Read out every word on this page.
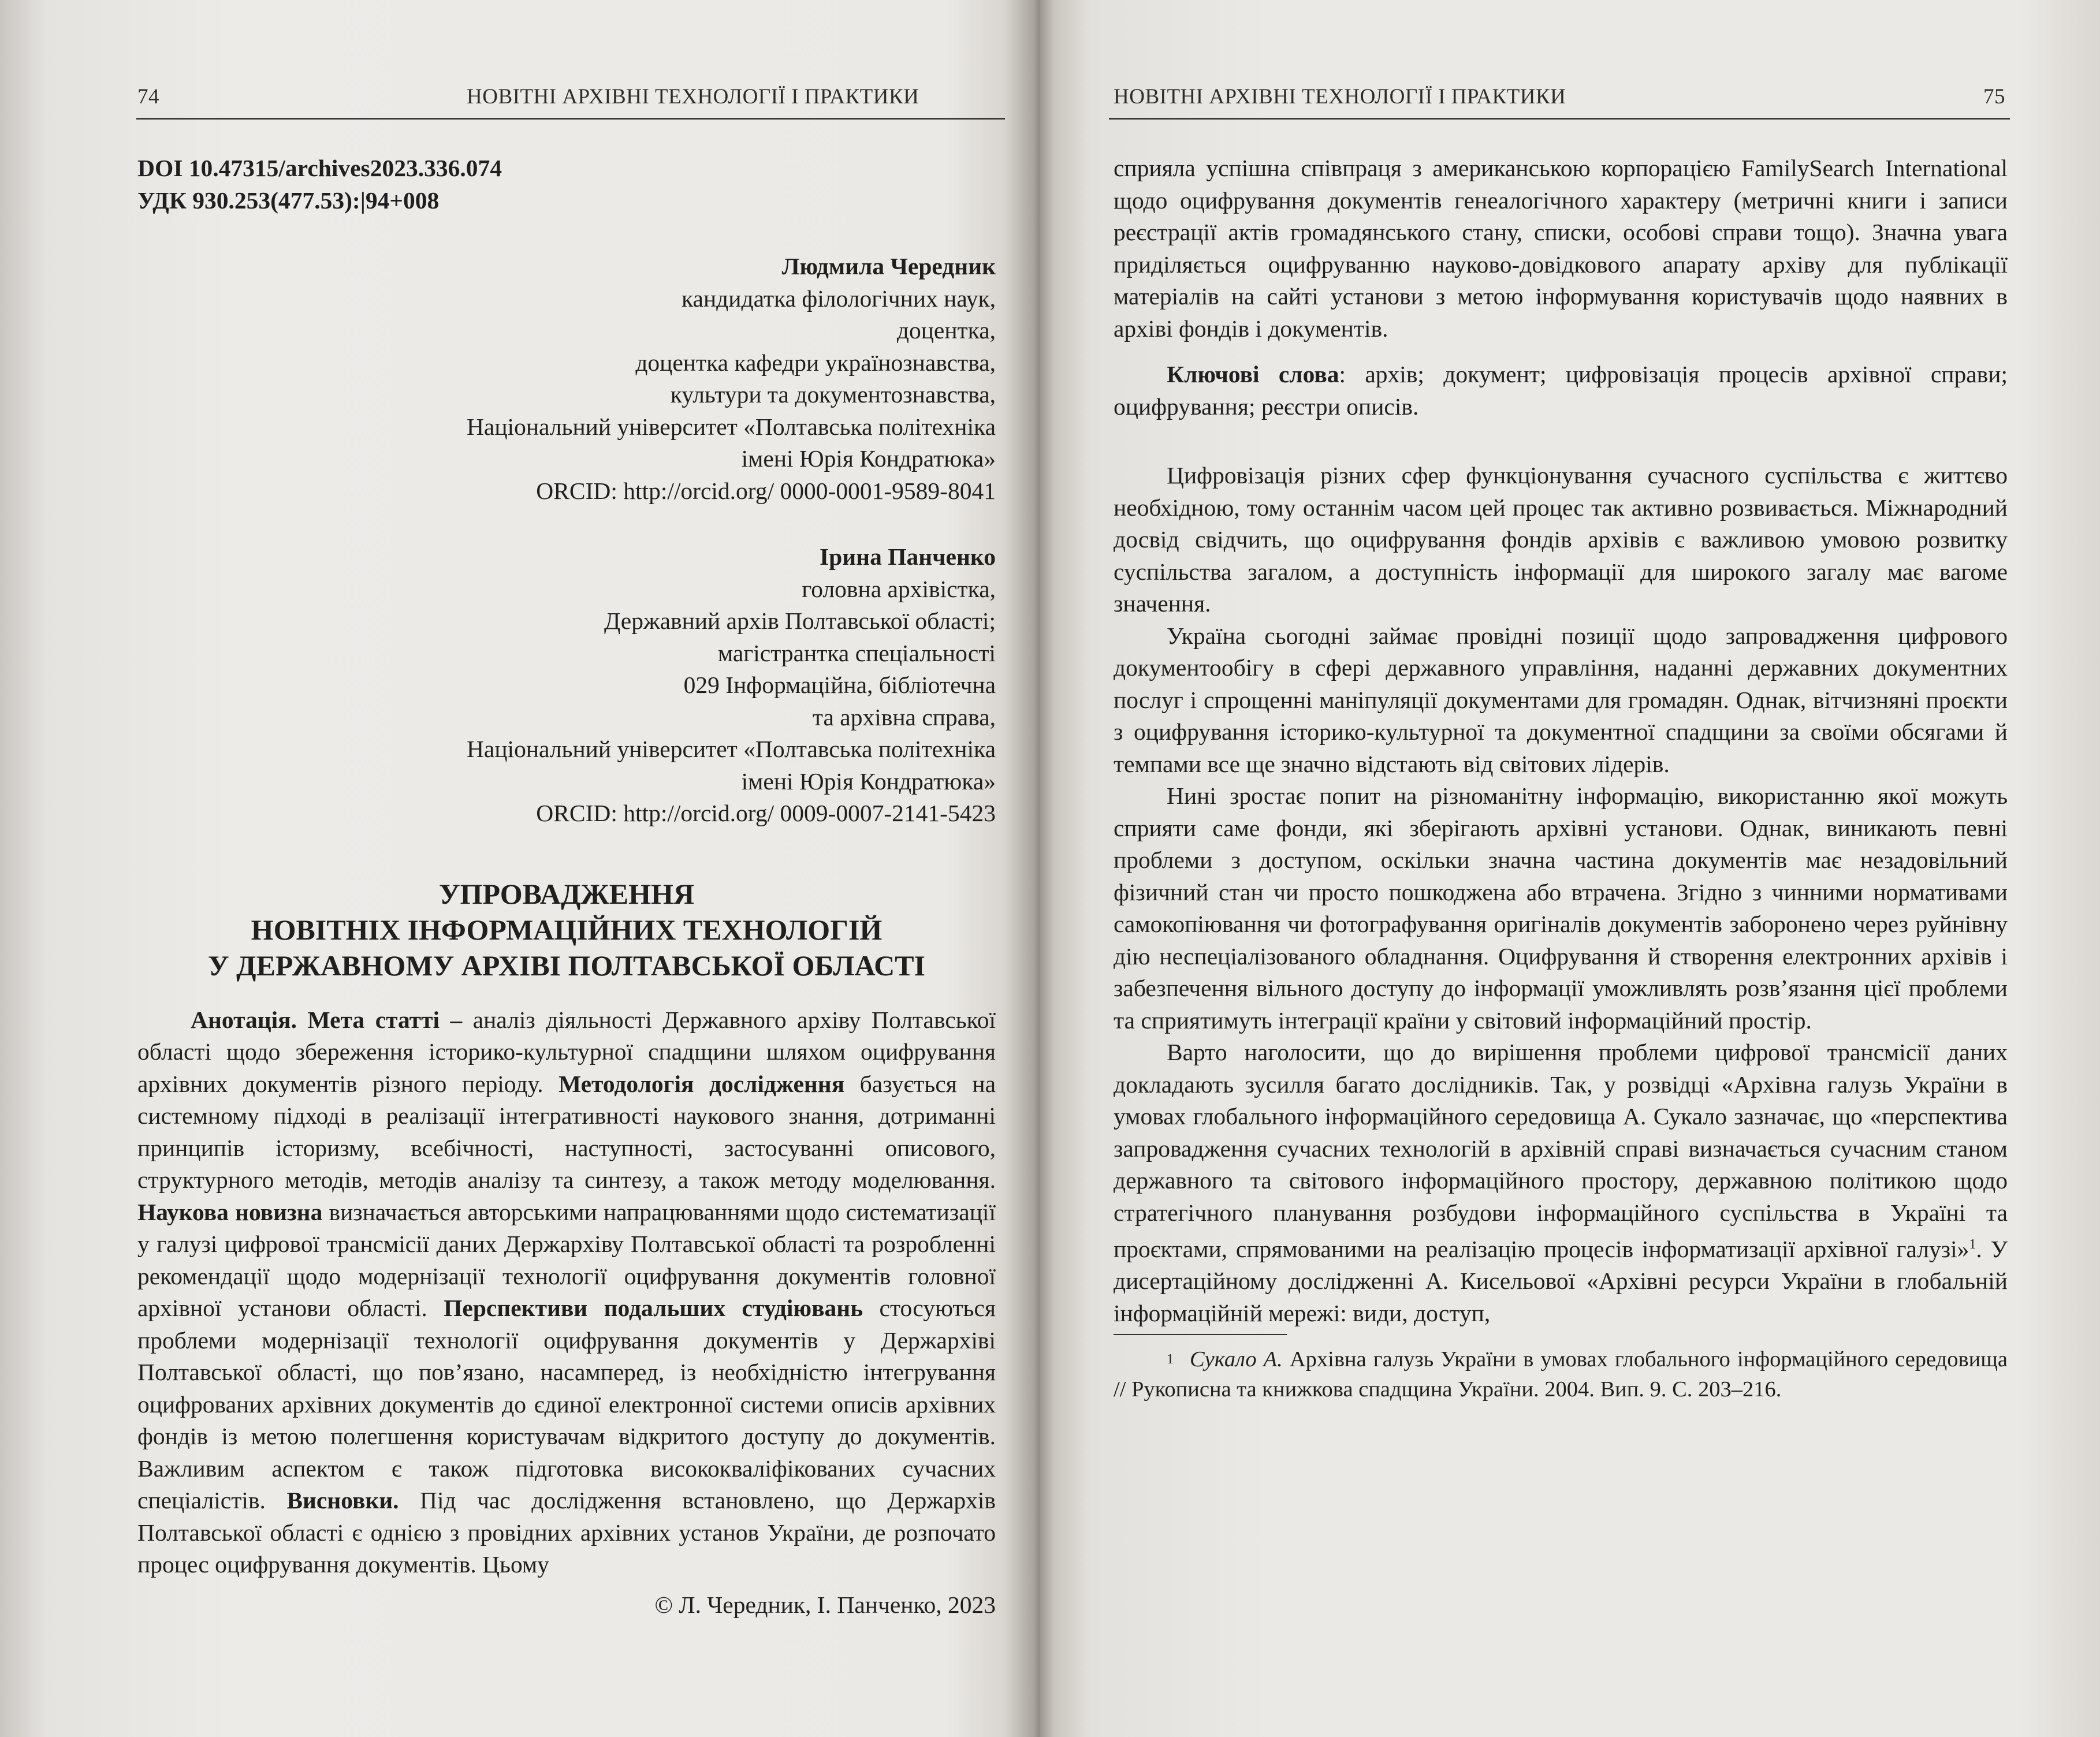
74	НОВІТНІ АРХІВНІ ТЕХНОЛОГІЇ І ПРАКТИКИ

DOI 10.47315/archives2023.336.074

УДК 930.253(477.53):|94+008

Людмила Чередник

кандидатка філологічних наук,

доцентка,

доцентка кафедри українознавства,

культури та документознавства,

Національний університет «Полтавська політехніка

імені Юрія Кондратюка»

ORCID: http://orcid.org/ 0000-0001-9589-8041

Ірина Панченко

головна архівістка,

Державний архів Полтавської області;

магістрантка спеціальності

029 Інформаційна, бібліотечна

та архівна справа,

Національний університет «Полтавська політехніка

імені Юрія Кондратюка»

ORCID: http://orcid.org/ 0009-0007-2141-5423

УПРОВАДЖЕННЯ

НОВІТНІХ ІНФОРМАЦІЙНИХ ТЕХНОЛОГІЙ

У ДЕРЖАВНОМУ АРХІВІ ПОЛТАВСЬКОЇ ОБЛАСТІ

Анотація. Мета статті – аналіз діяльності Державного архіву Полтавської області щодо збереження історико-культурної спадщини шляхом оцифрування архівних документів різного періоду. Методологія дослідження базується на системному підході в реалізації інтегративності наукового знання, дотриманні принципів історизму, всебічності, наступності, застосуванні описового, структурного методів, методів аналізу та синтезу, а також методу моделювання. Наукова новизна визначається авторськими напрацюваннями щодо систематизації у галузі цифрової трансмісії даних Держархіву Полтавської області та розробленні рекомендації щодо модернізації технології оцифрування документів головної архівної установи області. Перспективи подальших студіювань стосуються проблеми модернізації технології оцифрування документів у Держархіві Полтавської області, що пов’язано, насамперед, із необхідністю інтегрування оцифрованих архівних документів до єдиної електронної системи описів архівних фондів із метою полегшення користувачам відкритого доступу до документів. Важливим аспектом є також підготовка висококваліфікованих сучасних спеціалістів. Висновки. Під час дослідження встановлено, що Держархів Полтавської області є однією з провідних архівних установ України, де розпочато процес оцифрування документів. Цьому

© Л. Чередник, І. Панченко, 2023

НОВІТНІ АРХІВНІ ТЕХНОЛОГІЇ І ПРАКТИКИ	75

сприяла успішна співпраця з американською корпорацією FamilySearch International щодо оцифрування документів генеалогічного характеру (метричні книги і записи реєстрації актів громадянського стану, списки, особові справи тощо). Значна увага приділяється оцифруванню науково-довідкового апарату архіву для публікації матеріалів на сайті установи з метою інформування користувачів щодо наявних в архіві фондів і документів.

Ключові слова: архів; документ; цифровізація процесів архівної справи; оцифрування; реєстри описів.

Цифровізація різних сфер функціонування сучасного суспільства є життєво необхідною, тому останнім часом цей процес так активно розвивається. Міжнародний досвід свідчить, що оцифрування фондів архівів є важливою умовою розвитку суспільства загалом, а доступність інформації для широкого загалу має вагоме значення.

Україна сьогодні займає провідні позиції щодо запровадження цифрового документообігу в сфері державного управління, наданні державних документних послуг і спрощенні маніпуляції документами для громадян. Однак, вітчизняні проєкти з оцифрування історико-культурної та документної спадщини за своїми обсягами й темпами все ще значно відстають від світових лідерів.

Нині зростає попит на різноманітну інформацію, використанню якої можуть сприяти саме фонди, які зберігають архівні установи. Однак, виникають певні проблеми з доступом, оскільки значна частина документів має незадовільний фізичний стан чи просто пошкоджена або втрачена. Згідно з чинними нормативами самокопіювання чи фотографування оригіналів документів заборонено через руйнівну дію неспеціалізованого обладнання. Оцифрування й створення електронних архівів і забезпечення вільного доступу до інформації уможливлять розв’язання цієї проблеми та сприятимуть інтеграції країни у світовий інформаційний простір.

Варто наголосити, що до вирішення проблеми цифрової трансмісії даних докладають зусилля багато дослідників. Так, у розвідці «Архівна галузь України в умовах глобального інформаційного середовища А. Сукало зазначає, що «перспектива запровадження сучасних технологій в архівній справі визначається сучасним станом державного та світового інформаційного простору, державною політикою щодо стратегічного планування розбудови інформаційного суспільства в Україні та проєктами, спрямованими на реалізацію процесів інформатизації архівної галузі»$^1$. У дисертаційному дослідженні А. Кисельової «Архівні ресурси України в глобальній інформаційній мережі: види, доступ,

$^1$ Сукало А. Архівна галузь України в умовах глобального інформаційного середовища // Рукописна та книжкова спадщина України. 2004. Вип. 9. С. 203–216.
